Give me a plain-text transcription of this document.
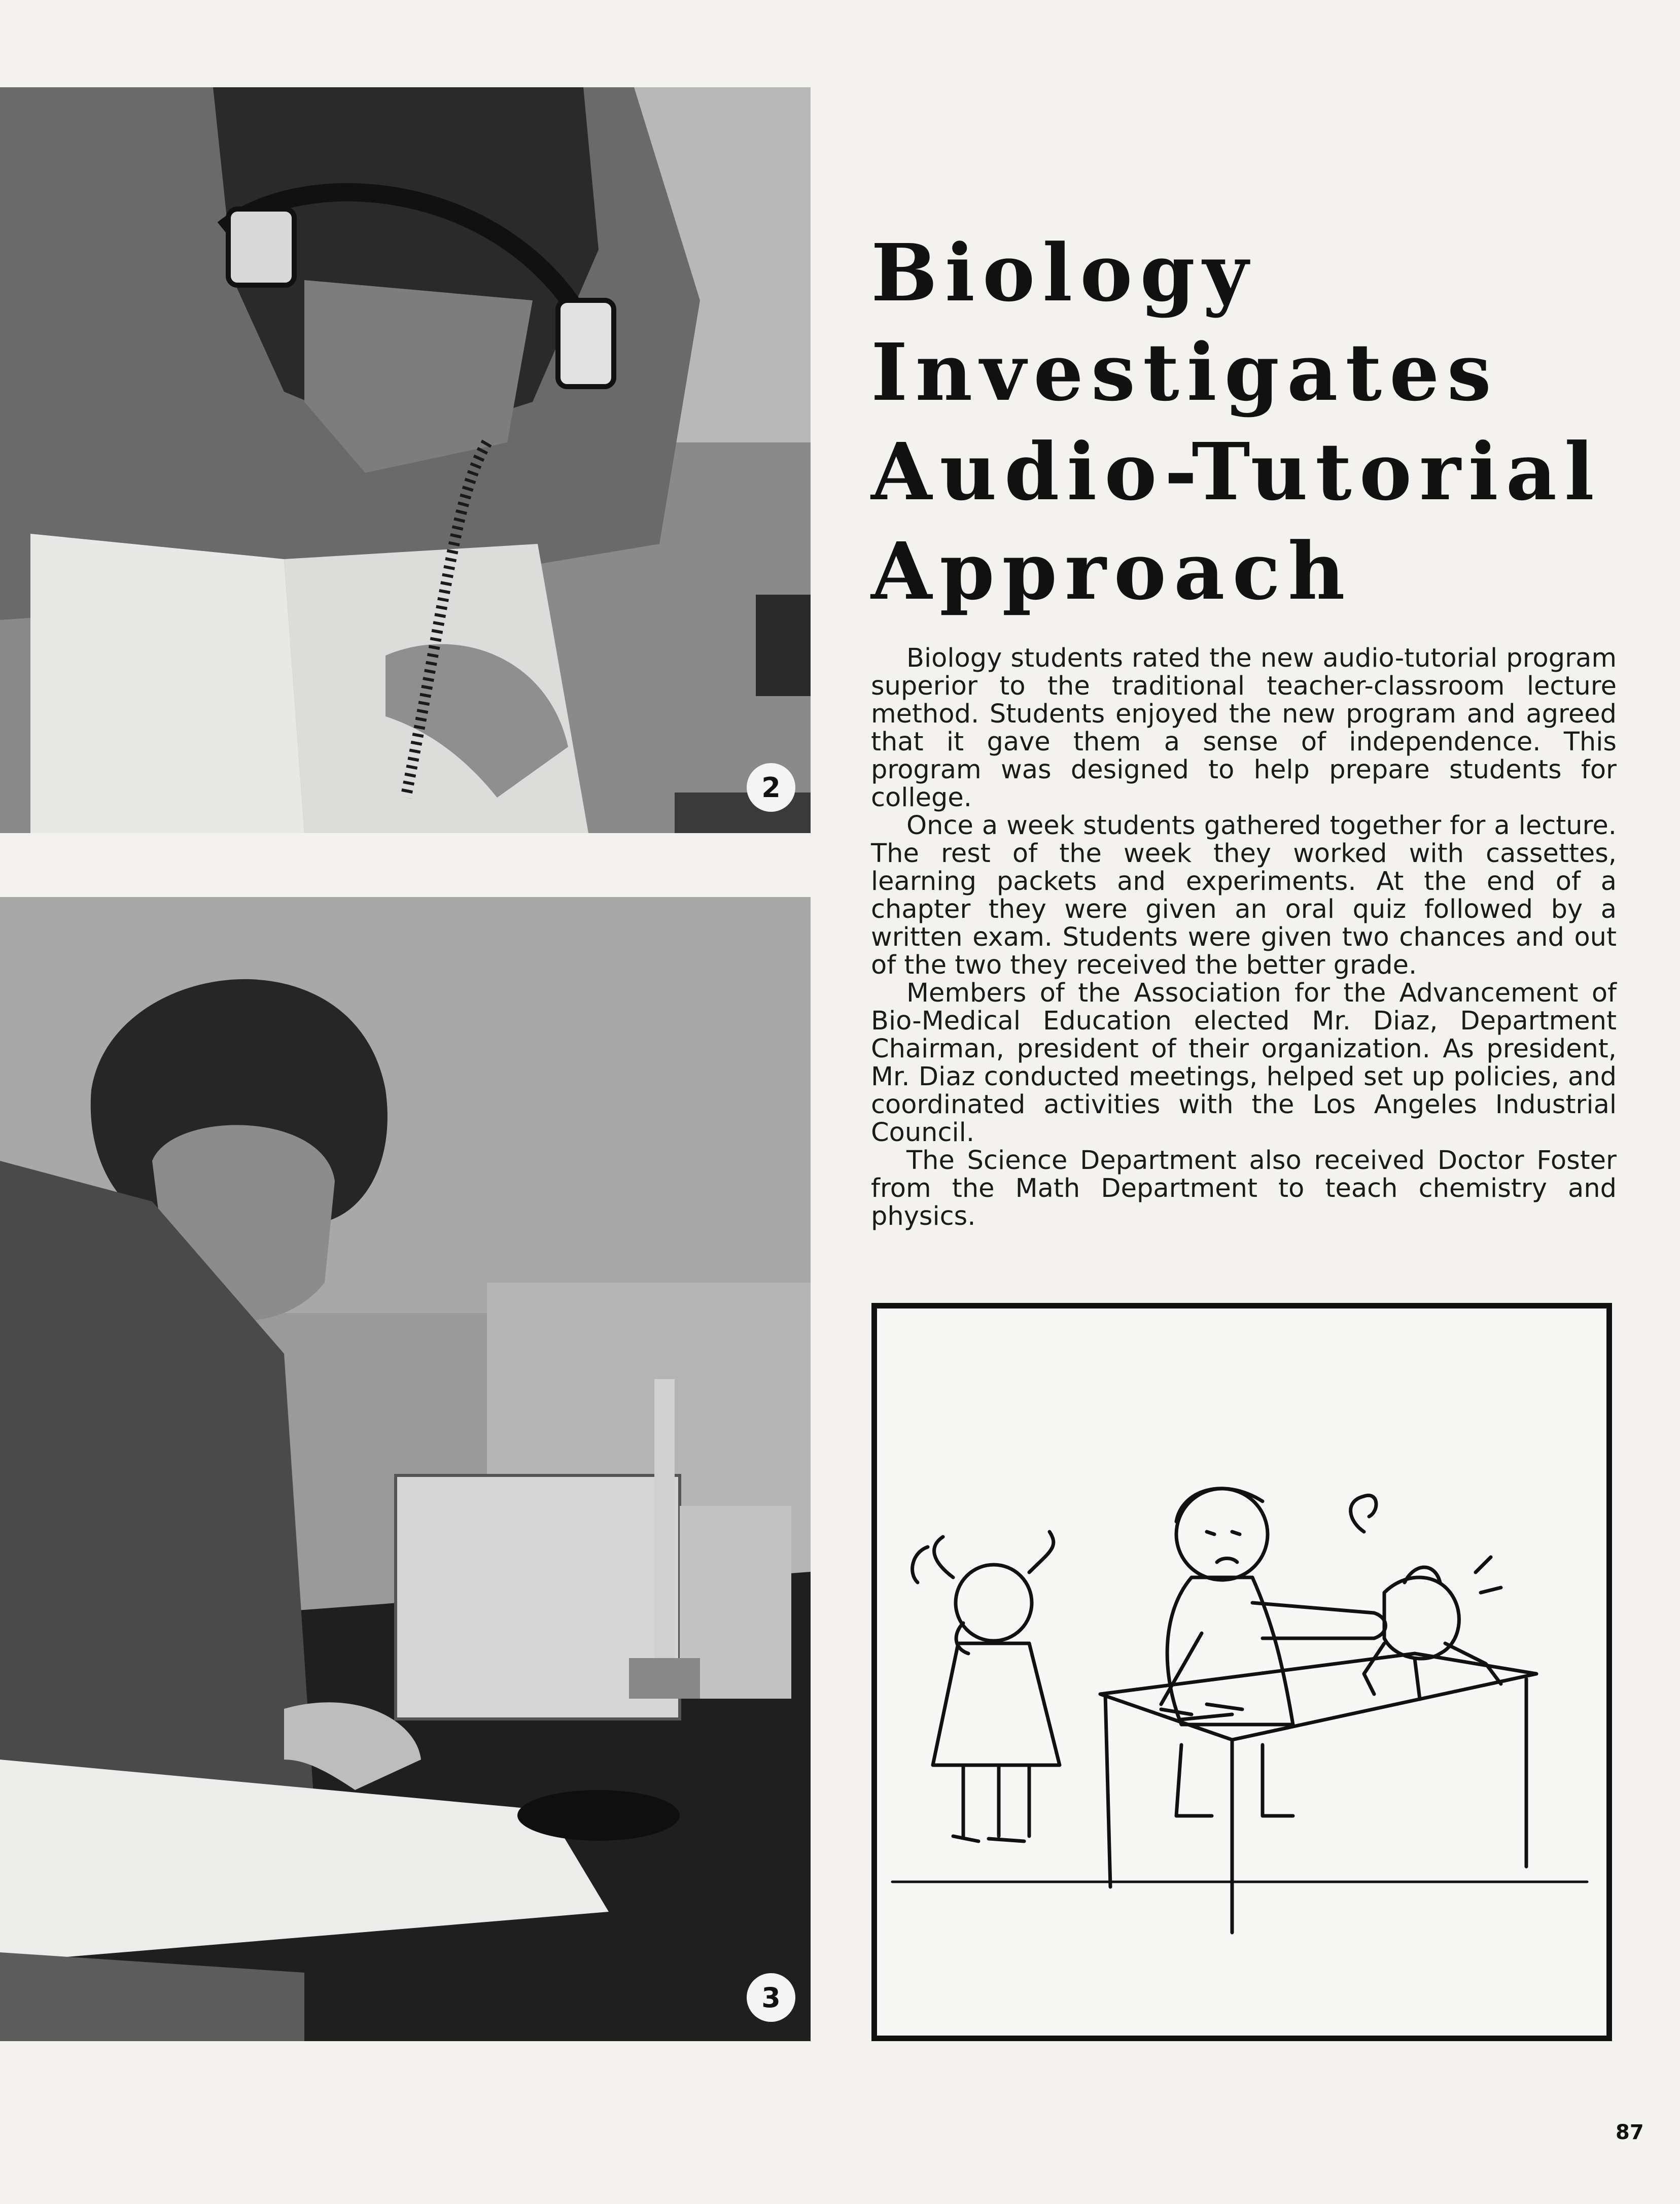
2
3
Biology
Investigates
Audio-Tutorial
Approach

Biology students rated the new audio-tutorial program superior to the traditional teacher-classroom lecture method. Students enjoyed the new program and agreed that it gave them a sense of independence. This program was designed to help prepare students for college.

Once a week students gathered together for a lecture. The rest of the week they worked with cassettes, learning packets and experiments. At the end of a chapter they were given an oral quiz followed by a written exam. Students were given two chances and out of the two they received the better grade.

Members of the Association for the Advancement of Bio-Medical Education elected Mr. Diaz, Department Chairman, president of their organization. As president, Mr. Diaz conducted meetings, helped set up policies, and coordinated activities with the Los Angeles Industrial Council.

The Science Department also received Doctor Foster from the Math Department to teach chemistry and physics.

87
